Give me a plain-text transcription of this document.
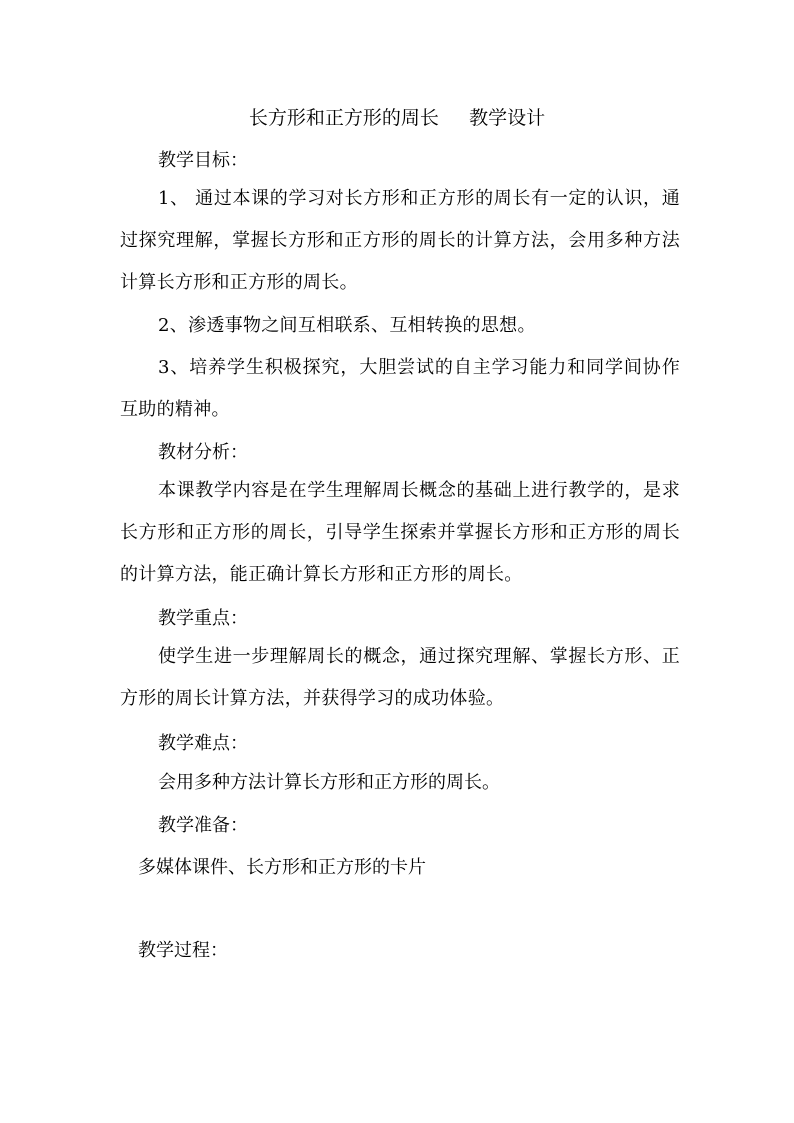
长方形和正方形的周长     教学设计
教学目标：
1、 通过本课的学习对长方形和正方形的周长有一定的认识，通过探究理解，掌握长方形和正方形的周长的计算方法，会用多种方法计算长方形和正方形的周长。
2、渗透事物之间互相联系、互相转换的思想。
3、培养学生积极探究，大胆尝试的自主学习能力和同学间协作互助的精神。
教材分析：
本课教学内容是在学生理解周长概念的基础上进行教学的，是求长方形和正方形的周长，引导学生探索并掌握长方形和正方形的周长的计算方法，能正确计算长方形和正方形的周长。
教学重点：
使学生进一步理解周长的概念，通过探究理解、掌握长方形、正方形的周长计算方法，并获得学习的成功体验。
教学难点：
会用多种方法计算长方形和正方形的周长。
教学准备：
多媒体课件、长方形和正方形的卡片
教学过程：
